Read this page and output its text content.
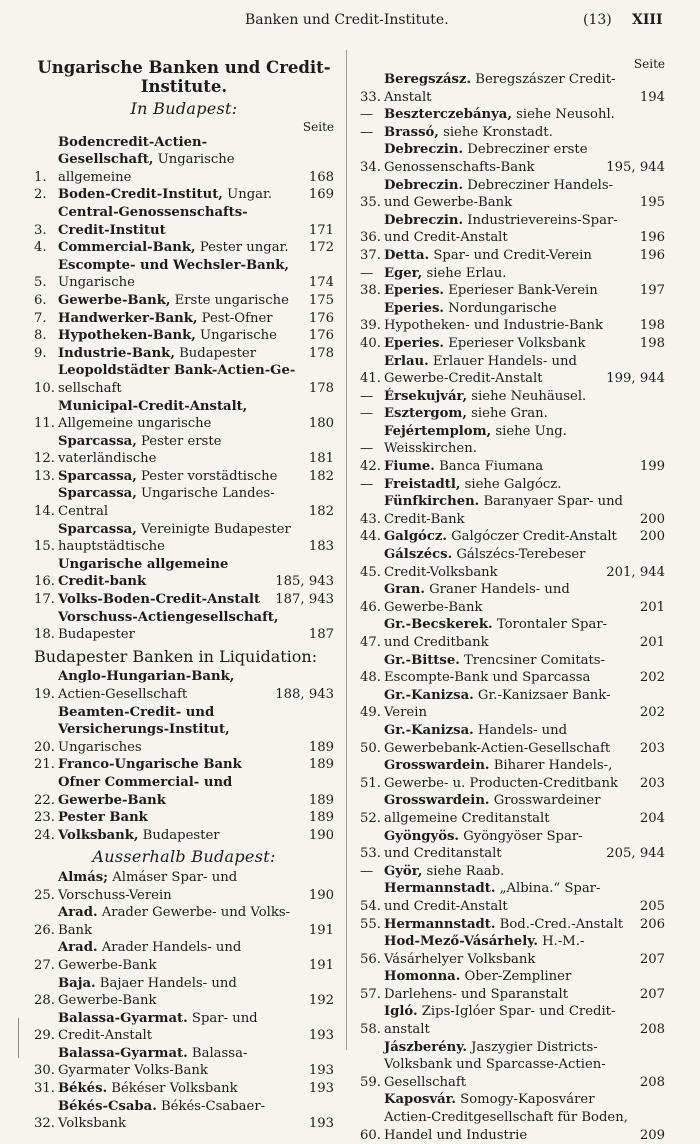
Banken und Credit-Institute.	(13) XIII
Ungarische Banken und Credit-Institute.
In Budapest:
Seite
1.
Bodencredit-Actien-Gesellschaft, Ungarische allgemeine	168
2. Boden-Credit-Institut, Ungar.	169
3.
Central-Genossenschafts-Credit-Institut	171
4. Commercial-Bank, Pester ungar.	172
5.
Escompte- und Wechsler-Bank, Ungarische	174
6. Gewerbe-Bank, Erste ungarische	175
7. Handwerker-Bank, Pest-Ofner	176
8. Hypotheken-Bank, Ungarische	176
9. Industrie-Bank, Budapester	178
10.
Leopoldstädter Bank-Actien-Ge- sellschaft	178
11.
Municipal-Credit-Anstalt, Allgemeine ungarische	180
12.
Sparcassa, Pester erste vaterländische	181
13. Sparcassa, Pester vorstädtische	182
14.
Sparcassa, Ungarische Landes-Central	182
15.
Sparcassa, Vereinigte Budapester hauptstädtische	183
16.
Ungarische allgemeine Credit-bank	185, 943
17. Volks-Boden-Credit-Anstalt	187, 943
18.
Vorschuss-Actiengesellschaft, Budapester	187
Budapester Banken in Liquidation:
19.
Anglo-Hungarian-Bank, Actien-Gesellschaft	188, 943
20.
Beamten-Credit- und Versicherungs-Institut, Ungarisches	189
21. Franco-Ungarische Bank	189
22.
Ofner Commercial- und Gewerbe-Bank	189
23. Pester Bank	189
24. Volksbank, Budapester	190
Ausserhalb Budapest:
25.
Almás; Almáser Spar- und Vorschuss-Verein	190
26.
Arad. Arader Gewerbe- und Volks-Bank	191
27.
Arad. Arader Handels- und Gewerbe-Bank	191
28.
Baja. Bajaer Handels- und Gewerbe-Bank	192
29.
Balassa-Gyarmat. Spar- und Credit-Anstalt	193
30.
Balassa-Gyarmat. Balassa-Gyarmater Volks-Bank	193
31. Békés. Békéser Volksbank	193
32.
Békés-Csaba. Békés-Csabaer-Volksbank	193
Seite
33.
Beregszász. Beregszászer Credit-Anstalt	194
— Beszterczebánya, siehe Neusohl.
— Brassó, siehe Kronstadt.
34.
Debreczin. Debrecziner erste Genossenschafts-Bank	195, 944
35.
Debreczin. Debrecziner Handels- und Gewerbe-Bank	195
36.
Debreczin. Industrievereins-Spar- und Credit-Anstalt	196
37. Detta. Spar- und Credit-Verein	196
— Eger, siehe Erlau.
38. Eperies. Eperieser Bank-Verein	197
39.
Eperies. Nordungarische Hypotheken- und Industrie-Bank	198
40. Eperies. Eperieser Volksbank	198
41.
Erlau. Erlauer Handels- und Gewerbe-Credit-Anstalt	199, 944
— Érsekujvár, siehe Neuhäusel.
— Esztergom, siehe Gran.
—
Fejértemplom, siehe Ung. Weisskirchen.
42. Fiume. Banca Fiumana	199
— Freistadtl, siehe Galgócz.
43.
Fünfkirchen. Baranyaer Spar- und Credit-Bank	200
44. Galgócz. Galgóczer Credit-Anstalt	200
45.
Gálszécs. Gálszécs-Terebeser Credit-Volksbank	201, 944
46.
Gran. Graner Handels- und Gewerbe-Bank	201
47.
Gr.-Becskerek. Torontaler Spar- und Creditbank	201
48.
Gr.-Bittse. Trencsiner Comitats-Escompte-Bank und Sparcassa	202
49.
Gr.-Kanizsa. Gr.-Kanizsaer Bank-Verein	202
50.
Gr.-Kanizsa. Handels- und Gewerbebank-Actien-Gesellschaft	203
51.
Grosswardein. Biharer Handels-, Gewerbe- u. Producten-Creditbank	203
52.
Grosswardein. Grosswardeiner allgemeine Creditanstalt	204
53.
Gyöngyös. Gyöngyöser Spar- und Creditanstalt	205, 944
— Györ, siehe Raab.
54.
Hermannstadt. „Albina.“ Spar- und Credit-Anstalt	205
55. Hermannstadt. Bod.-Cred.-Anstalt	206
56.
Hod-Mező-Vásárhely. H.-M.-Vásárhelyer Volksbank	207
57.
Homonna. Ober-Zempliner Darlehens- und Sparanstalt	207
58.
Igló. Zips-Iglóer Spar- und Credit-anstalt	208
59.
Jászberény. Jaszygier Districts-Volksbank und Sparcasse-Actien-Gesellschaft	208
60.
Kaposvár. Somogy-Kaposvárer Actien-Creditgesellschaft für Boden, Handel und Industrie	209
